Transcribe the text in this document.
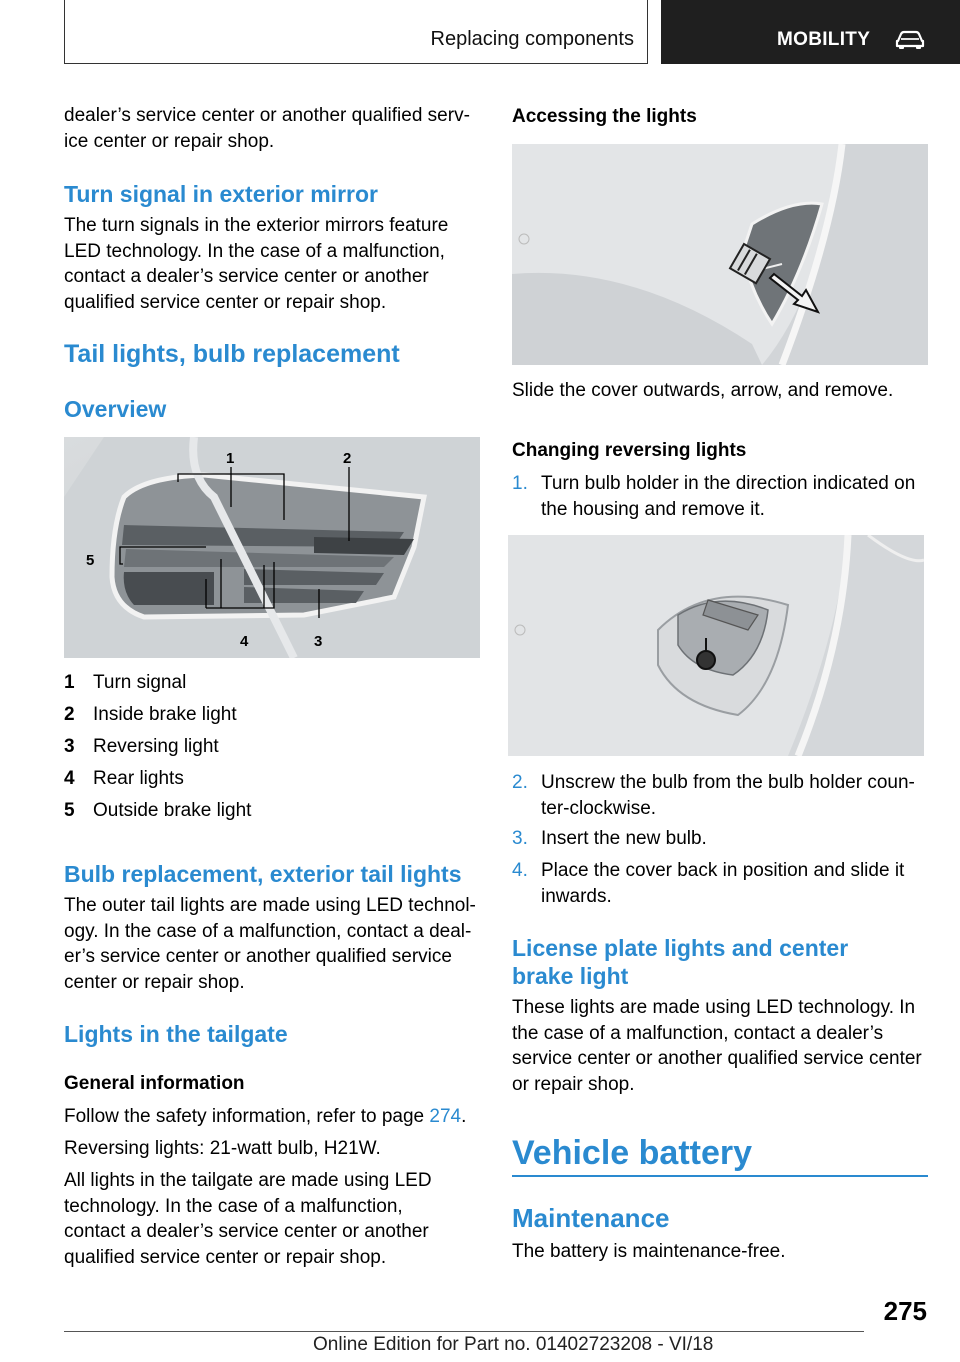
Replacing components	MOBILITY

dealer’s service center or another qualified serv‐ice center or repair shop.

Turn signal in exterior mirror

The turn signals in the exterior mirrors feature LED technology. In the case of a malfunction, contact a dealer’s service center or another qualified service center or repair shop.

Tail lights, bulb replacement
Overview
1	2
3
4
5
1 Turn signal
2 Inside brake light
3 Reversing light
4 Rear lights
5 Outside brake light
Bulb replacement, exterior tail lights

The outer tail lights are made using LED technol‐ogy. In the case of a malfunction, contact a deal‐er’s service center or another qualified service center or repair shop.

Lights in the tailgate
General information

Follow the safety information, refer to page 274.

Reversing lights: 21‑watt bulb, H21W.

All lights in the tailgate are made using LED technology. In the case of a malfunction, contact a dealer’s service center or another qualified service center or repair shop.

Accessing the lights

Slide the cover outwards, arrow, and remove.

Changing reversing lights
1. Turn bulb holder in the direction indicated on the housing and remove it.
2. Unscrew the bulb from the bulb holder coun‐ter‑clockwise.
3. Insert the new bulb.
4. Place the cover back in position and slide it inwards.
License plate lights and center brake light

These lights are made using LED technology. In the case of a malfunction, contact a dealer’s service center or another qualified service center or repair shop.

Vehicle battery
Maintenance

The battery is maintenance-free.

275
Online Edition for Part no. 01402723208 - VI/18
